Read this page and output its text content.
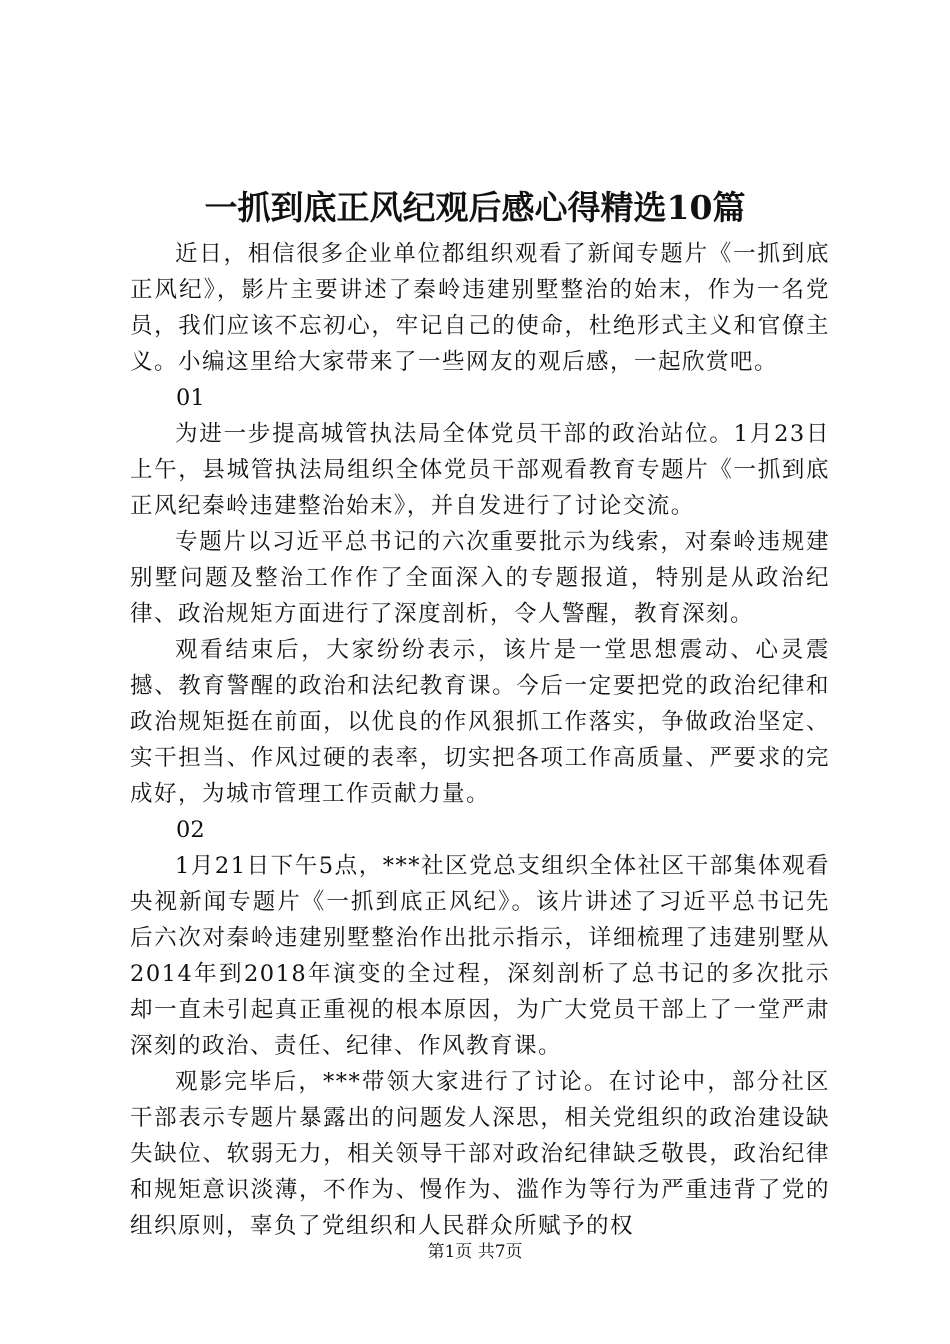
一抓到底正风纪观后感心得精选10篇

近日，相信很多企业单位都组织观看了新闻专题片《一抓到底正风纪》，影片主要讲述了秦岭违建别墅整治的始末，作为一名党员，我们应该不忘初心，牢记自己的使命，杜绝形式主义和官僚主义。小编这里给大家带来了一些网友的观后感，一起欣赏吧。

01

为进一步提高城管执法局全体党员干部的政治站位。1月23日上午，县城管执法局组织全体党员干部观看教育专题片《一抓到底正风纪秦岭违建整治始末》，并自发进行了讨论交流。

专题片以习近平总书记的六次重要批示为线索，对秦岭违规建别墅问题及整治工作作了全面深入的专题报道，特别是从政治纪律、政治规矩方面进行了深度剖析，令人警醒，教育深刻。

观看结束后，大家纷纷表示，该片是一堂思想震动、心灵震撼、教育警醒的政治和法纪教育课。今后一定要把党的政治纪律和政治规矩挺在前面，以优良的作风狠抓工作落实，争做政治坚定、实干担当、作风过硬的表率，切实把各项工作高质量、严要求的完成好，为城市管理工作贡献力量。

02

1月21日下午5点，***社区党总支组织全体社区干部集体观看央视新闻专题片《一抓到底正风纪》。该片讲述了习近平总书记先后六次对秦岭违建别墅整治作出批示指示，详细梳理了违建别墅从2014年到2018年演变的全过程，深刻剖析了总书记的多次批示却一直未引起真正重视的根本原因，为广大党员干部上了一堂严肃深刻的政治、责任、纪律、作风教育课。

观影完毕后，***带领大家进行了讨论。在讨论中，部分社区干部表示专题片暴露出的问题发人深思，相关党组织的政治建设缺失缺位、软弱无力，相关领导干部对政治纪律缺乏敬畏，政治纪律和规矩意识淡薄，不作为、慢作为、滥作为等行为严重违背了党的组织原则，辜负了党组织和人民群众所赋予的权

第1页 共7页
